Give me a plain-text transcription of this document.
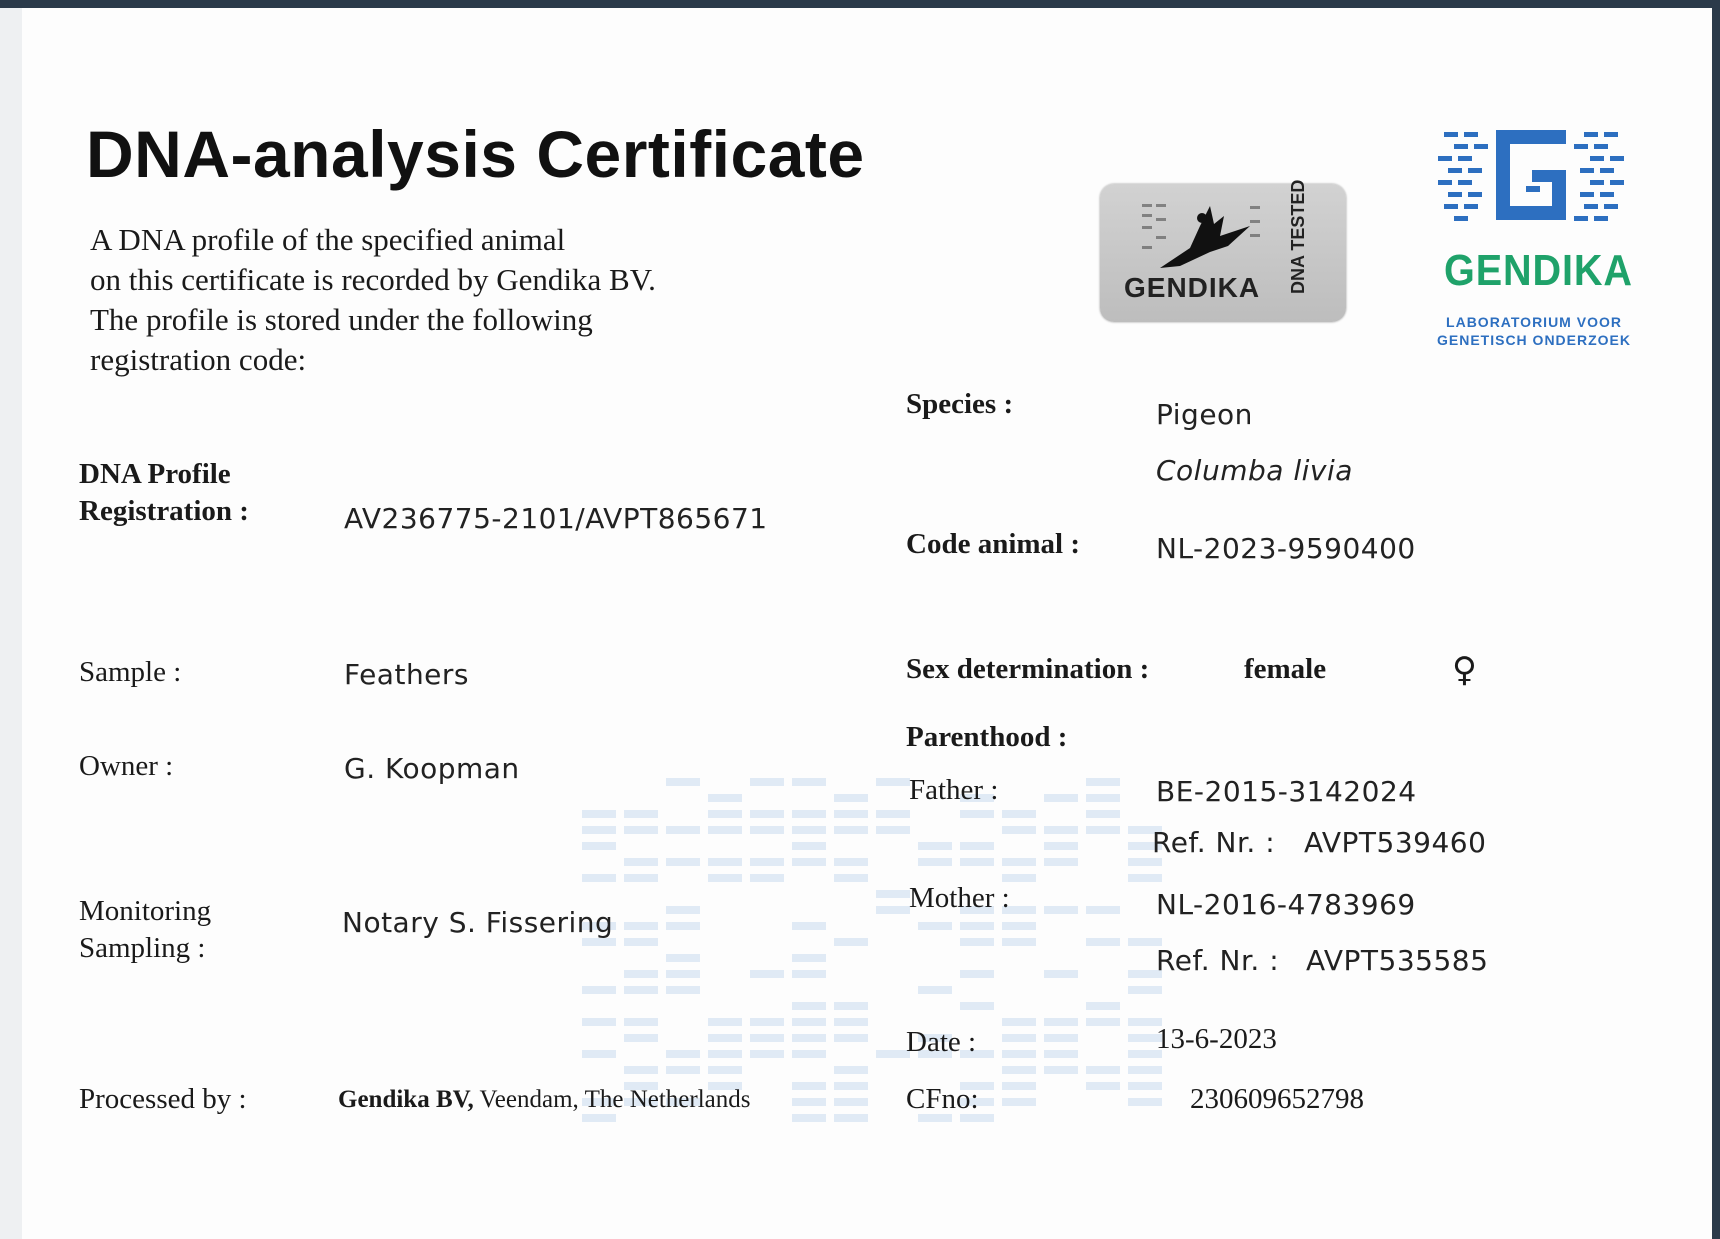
DNA-analysis Certificate
A DNA profile of the specified animal
on this certificate is recorded by Gendika BV.
The profile is stored under the following
registration code:
GENDIKA DNA TESTED	GENDIKA
LABORATORIUM VOOR
GENETISCH ONDERZOEK
DNA Profile
Registration :	AV236775-2101/AVPT865671
Sample :	Feathers
Owner :	G. Koopman
Monitoring
Sampling :
Notary S. Fissering
Processed by :	Gendika BV, Veendam, The Netherlands
Species :	Pigeon
Columba livia
Code animal :	NL-2023-9590400
Sex determination :	female	♀
Parenthood :
Father :	BE-2015-3142024
Ref. Nr. : AVPT539460
Mother :	NL-2016-4783969
Ref. Nr. : AVPT535585
Date :	13-6-2023
CFno:	230609652798
